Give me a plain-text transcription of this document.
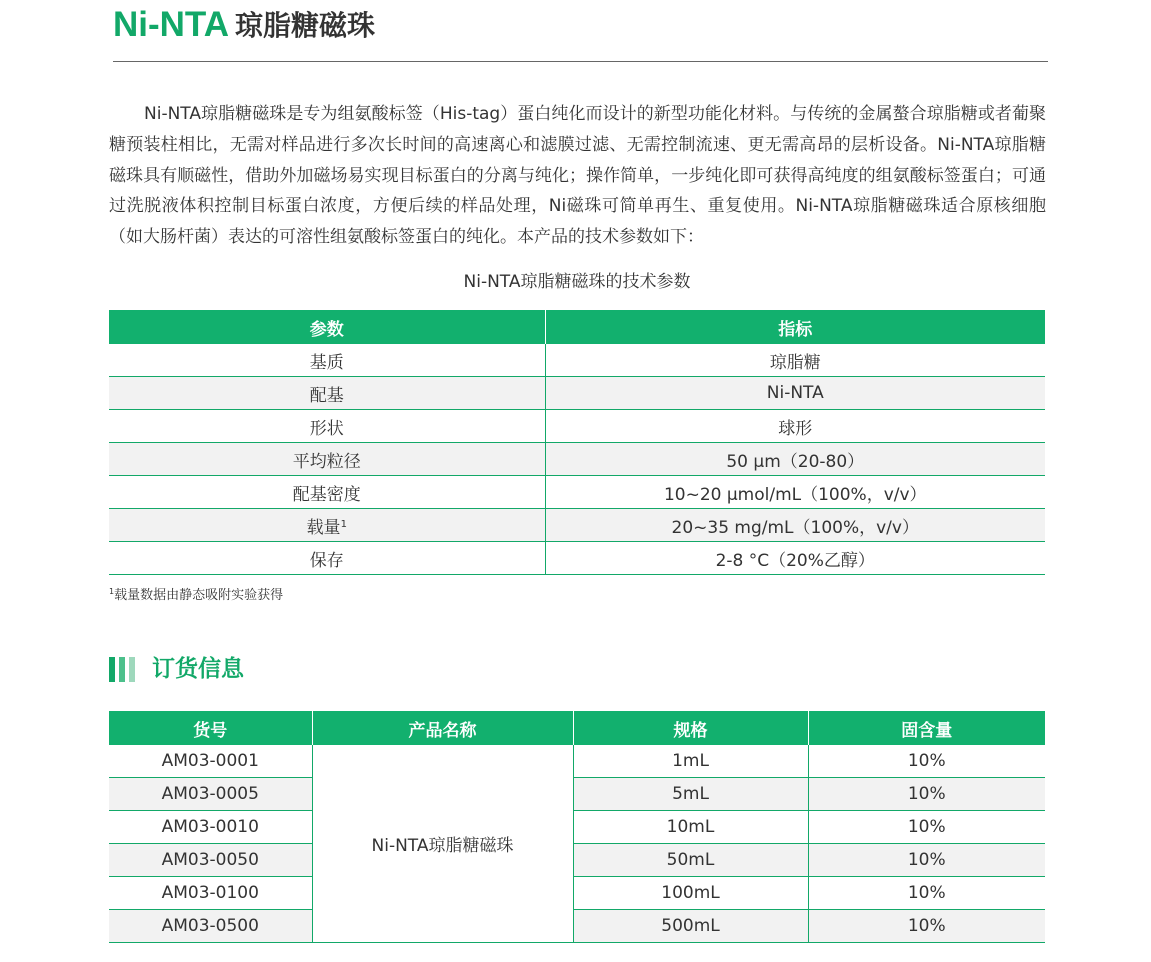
Ni-NTA 琼脂糖磁珠

Ni-NTA琼脂糖磁珠是专为组氨酸标签（His-tag）蛋白纯化而设计的新型功能化材料。与传统的金属螯合琼脂糖或者葡聚糖预装柱相比，无需对样品进行多次长时间的高速离心和滤膜过滤、无需控制流速、更无需高昂的层析设备。Ni-NTA琼脂糖磁珠具有顺磁性，借助外加磁场易实现目标蛋白的分离与纯化；操作简单，一步纯化即可获得高纯度的组氨酸标签蛋白；可通过洗脱液体积控制目标蛋白浓度，方便后续的样品处理，Ni磁珠可简单再生、重复使用。Ni-NTA琼脂糖磁珠适合原核细胞（如大肠杆菌）表达的可溶性组氨酸标签蛋白的纯化。本产品的技术参数如下：

Ni-NTA琼脂糖磁珠的技术参数
参数	指标
基质	琼脂糖
配基	Ni-NTA
形状	球形
平均粒径	50 μm（20-80）
配基密度	10~20 μmol/mL（100%，v/v）
载量$^1$	20~35 mg/mL（100%，v/v）
保存	2-8 °C（20%乙醇）
$^1$载量数据由静态吸附实验获得
订货信息
货号	产品名称	规格	固含量
AM03-0001	Ni-NTA琼脂糖磁珠	1mL	10%
AM03-0005		5mL	10%
AM03-0010		10mL	10%
AM03-0050		50mL	10%
AM03-0100		100mL	10%
AM03-0500		500mL	10%
